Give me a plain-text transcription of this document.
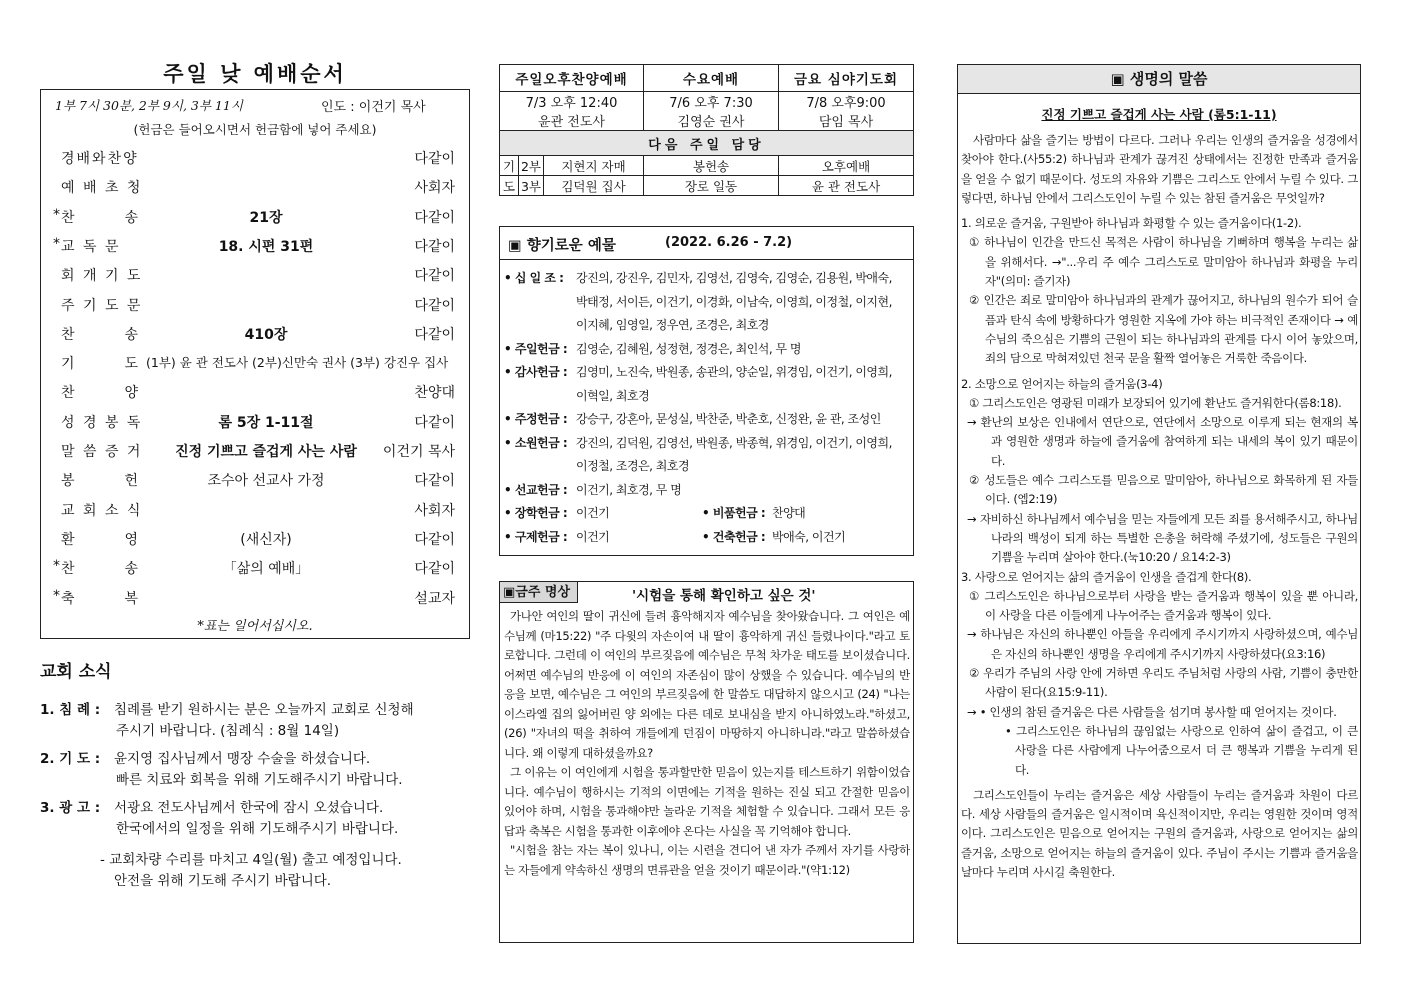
주일 낮 예배순서
1부 7시 30분, 2부 9시, 3부 11시	인도 : 이건기 목사
(헌금은 들어오시면서 헌금함에 넣어 주세요)
경배와찬양	다같이
예 배 초 청	사회자
* 찬　　　송	21장	다같이
* 교 독 문	18. 시편 31편	다같이
회 개 기 도	다같이
주 기 도 문	다같이
찬　　　송	410장	다같이
기　　　도 (1부) 윤 관 전도사 (2부)신만숙 권사 (3부) 강진우 집사
찬　　　양	찬양대
성 경 봉 독	롬 5장 1-11절	다같이
말 씀 증 거	진정 기쁘고 즐겁게 사는 사람	이건기 목사
봉　　　헌	조수아 선교사 가정	다같이
교 회 소 식	사회자
환　　　영	(새신자)	다같이
* 찬　　　송	「삶의 예배」	다같이
* 축　　　복	설교자
*표는 일어서십시오.
교회 소식
1. 침 례 : 침례를 받기 원하시는 분은 오늘까지 교회로 신청해

주시기 바랍니다. (침례식 : 8월 14일)
2. 기 도 : 윤지영 집사님께서 맹장 수술을 하셨습니다.

빠른 치료와 회복을 위해 기도해주시기 바랍니다.
3. 광 고 : 서광요 전도사님께서 한국에 잠시 오셨습니다.

한국에서의 일정을 위해 기도해주시기 바랍니다.
- 교회차량 수리를 마치고 4일(월) 출고 예정입니다.
안전을 위해 기도해 주시기 바랍니다.
주일오후찬양예배			수요예배	금요 심야기도회
7/3 오후 12:40			7/6 오후 7:30	7/8 오후9:00
윤관 전도사			김영순 권사	담임 목사
다음 주일 담당				
기	2부	지현지 자매	봉헌송	오후예배
도	3부	김덕원 집사	장로 일동	윤 관 전도사
▣ 향기로운 예물	(2022. 6.26 - 7.2)
• 십 일 조 : 강진의, 강진우, 김민자, 김영선, 김영숙, 김영순, 김용원, 박애숙,
박태정, 서이든, 이건기, 이경화, 이남숙, 이영희, 이정철, 이지현,
이지혜, 임영일, 정우연, 조경은, 최호경
• 주일헌금 : 김영순, 김혜원, 성정현, 정경은, 최인석, 무 명
• 감사헌금 : 김영미, 노진숙, 박원종, 송관의, 양순일, 위경임, 이건기, 이영희,
이혁일, 최호경
• 주정헌금 : 강승구, 강혼아, 문성실, 박찬준, 박춘호, 신정완, 윤 관, 조성인
• 소원헌금 : 강진의, 김덕원, 김영선, 박원종, 박종혁, 위경임, 이건기, 이영희,
이정철, 조경은, 최호경
• 선교헌금 : 이건기, 최호경, 무 명
• 장학헌금 : 이건기	• 비품헌금 : 찬양대
• 구제헌금 : 이건기	• 건축헌금 : 박애숙, 이건기
▣금주 명상	'시험을 통해 확인하고 싶은 것'

가나안 여인의 딸이 귀신에 들려 흉악해지자 예수님을 찾아왔습니다. 그 여인은 예수님께 (마15:22) "주 다윗의 자손이여 내 딸이 흉악하게 귀신 들렸나이다."라고 토로합니다. 그런데 이 여인의 부르짖음에 예수님은 무척 차가운 태도를 보이셨습니다. 어쩌면 예수님의 반응에 이 여인의 자존심이 많이 상했을 수 있습니다. 예수님의 반응을 보면, 예수님은 그 여인의 부르짖음에 한 말씀도 대답하지 않으시고 (24) "나는 이스라엘 집의 잃어버린 양 외에는 다른 데로 보내심을 받지 아니하였노라."하셨고, (26) "자녀의 떡을 취하여 개들에게 던짐이 마땅하지 아니하니라."라고 말씀하셨습니다. 왜 이렇게 대하셨을까요?

그 이유는 이 여인에게 시험을 통과할만한 믿음이 있는지를 테스트하기 위함이었습니다. 예수님이 행하시는 기적의 이면에는 기적을 원하는 진실 되고 간절한 믿음이 있어야 하며, 시험을 통과해야만 놀라운 기적을 체험할 수 있습니다. 그래서 모든 응답과 축복은 시험을 통과한 이후에야 온다는 사실을 꼭 기억해야 합니다.

"시험을 참는 자는 복이 있나니, 이는 시련을 견디어 낸 자가 주께서 자기를 사랑하는 자들에게 약속하신 생명의 면류관을 얻을 것이기 때문이라."(약1:12)

▣ 생명의 말씀
진정 기쁘고 즐겁게 사는 사람 (롬5:1-11)

사람마다 삶을 즐기는 방법이 다르다. 그러나 우리는 인생의 즐거움을 성경에서 찾아야 한다.(사55:2) 하나님과 관계가 끊겨진 상태에서는 진정한 만족과 즐거움을 얻을 수 없기 때문이다. 성도의 자유와 기쁨은 그리스도 안에서 누릴 수 있다. 그렇다면, 하나님 안에서 그리스도인이 누릴 수 있는 참된 즐거움은 무엇일까?

1. 의로운 즐거움, 구원받아 하나님과 화평할 수 있는 즐거움이다(1-2).

① 하나님이 인간을 만드신 목적은 사람이 하나님을 기뻐하며 행복을 누리는 삶을 위해서다. →"...우리 주 예수 그리스도로 말미암아 하나님과 화평을 누리자"(의미: 즐기자)

② 인간은 죄로 말미암아 하나님과의 관계가 끊어지고, 하나님의 원수가 되어 슬픔과 탄식 속에 방황하다가 영원한 지옥에 가야 하는 비극적인 존재이다 → 예수님의 죽으심은 기쁨의 근원이 되는 하나님과의 관계를 다시 이어 놓았으며, 죄의 담으로 막혀져있던 천국 문을 활짝 열어놓은 거룩한 죽음이다.

2. 소망으로 얻어지는 하늘의 즐거움(3-4)

① 그리스도인은 영광된 미래가 보장되어 있기에 환난도 즐거워한다(롬8:18).

→ 환난의 보상은 인내에서 연단으로, 연단에서 소망으로 이루게 되는 현재의 복과 영원한 생명과 하늘에 즐거움에 참여하게 되는 내세의 복이 있기 때문이다.

② 성도들은 예수 그리스도를 믿음으로 말미암아, 하나님으로 화목하게 된 자들이다. (엡2:19)

→ 자비하신 하나님께서 예수님을 믿는 자들에게 모든 죄를 용서해주시고, 하나님 나라의 백성이 되게 하는 특별한 은총을 허락해 주셨기에, 성도들은 구원의 기쁨을 누리며 살아야 한다.(눅10:20 / 요14:2-3)

3. 사랑으로 얻어지는 삶의 즐거움이 인생을 즐겁게 한다(8).

① 그리스도인은 하나님으로부터 사랑을 받는 즐거움과 행복이 있을 뿐 아니라, 이 사랑을 다른 이들에게 나누어주는 즐거움과 행복이 있다.

→ 하나님은 자신의 하나뿐인 아들을 우리에게 주시기까지 사랑하셨으며, 예수님은 자신의 하나뿐인 생명을 우리에게 주시기까지 사랑하셨다(요3:16)

② 우리가 주님의 사랑 안에 거하면 우리도 주님처럼 사랑의 사람, 기쁨이 충만한 사람이 된다(요15:9-11).

→ • 인생의 참된 즐거움은 다른 사람들을 섬기며 봉사할 때 얻어지는 것이다.

• 그리스도인은 하나님의 끊임없는 사랑으로 인하여 삶이 즐겁고, 이 큰사랑을 다른 사람에게 나누어줌으로서 더 큰 행복과 기쁨을 누리게 된다.

그리스도인들이 누리는 즐거움은 세상 사람들이 누리는 즐거움과 차원이 다르다. 세상 사람들의 즐거움은 일시적이며 육신적이지만, 우리는 영원한 것이며 영적이다. 그리스도인은 믿음으로 얻어지는 구원의 즐거움과, 사랑으로 얻어지는 삶의 즐거움, 소망으로 얻어지는 하늘의 즐거움이 있다. 주님이 주시는 기쁨과 즐거움을 날마다 누리며 사시길 축원한다.
